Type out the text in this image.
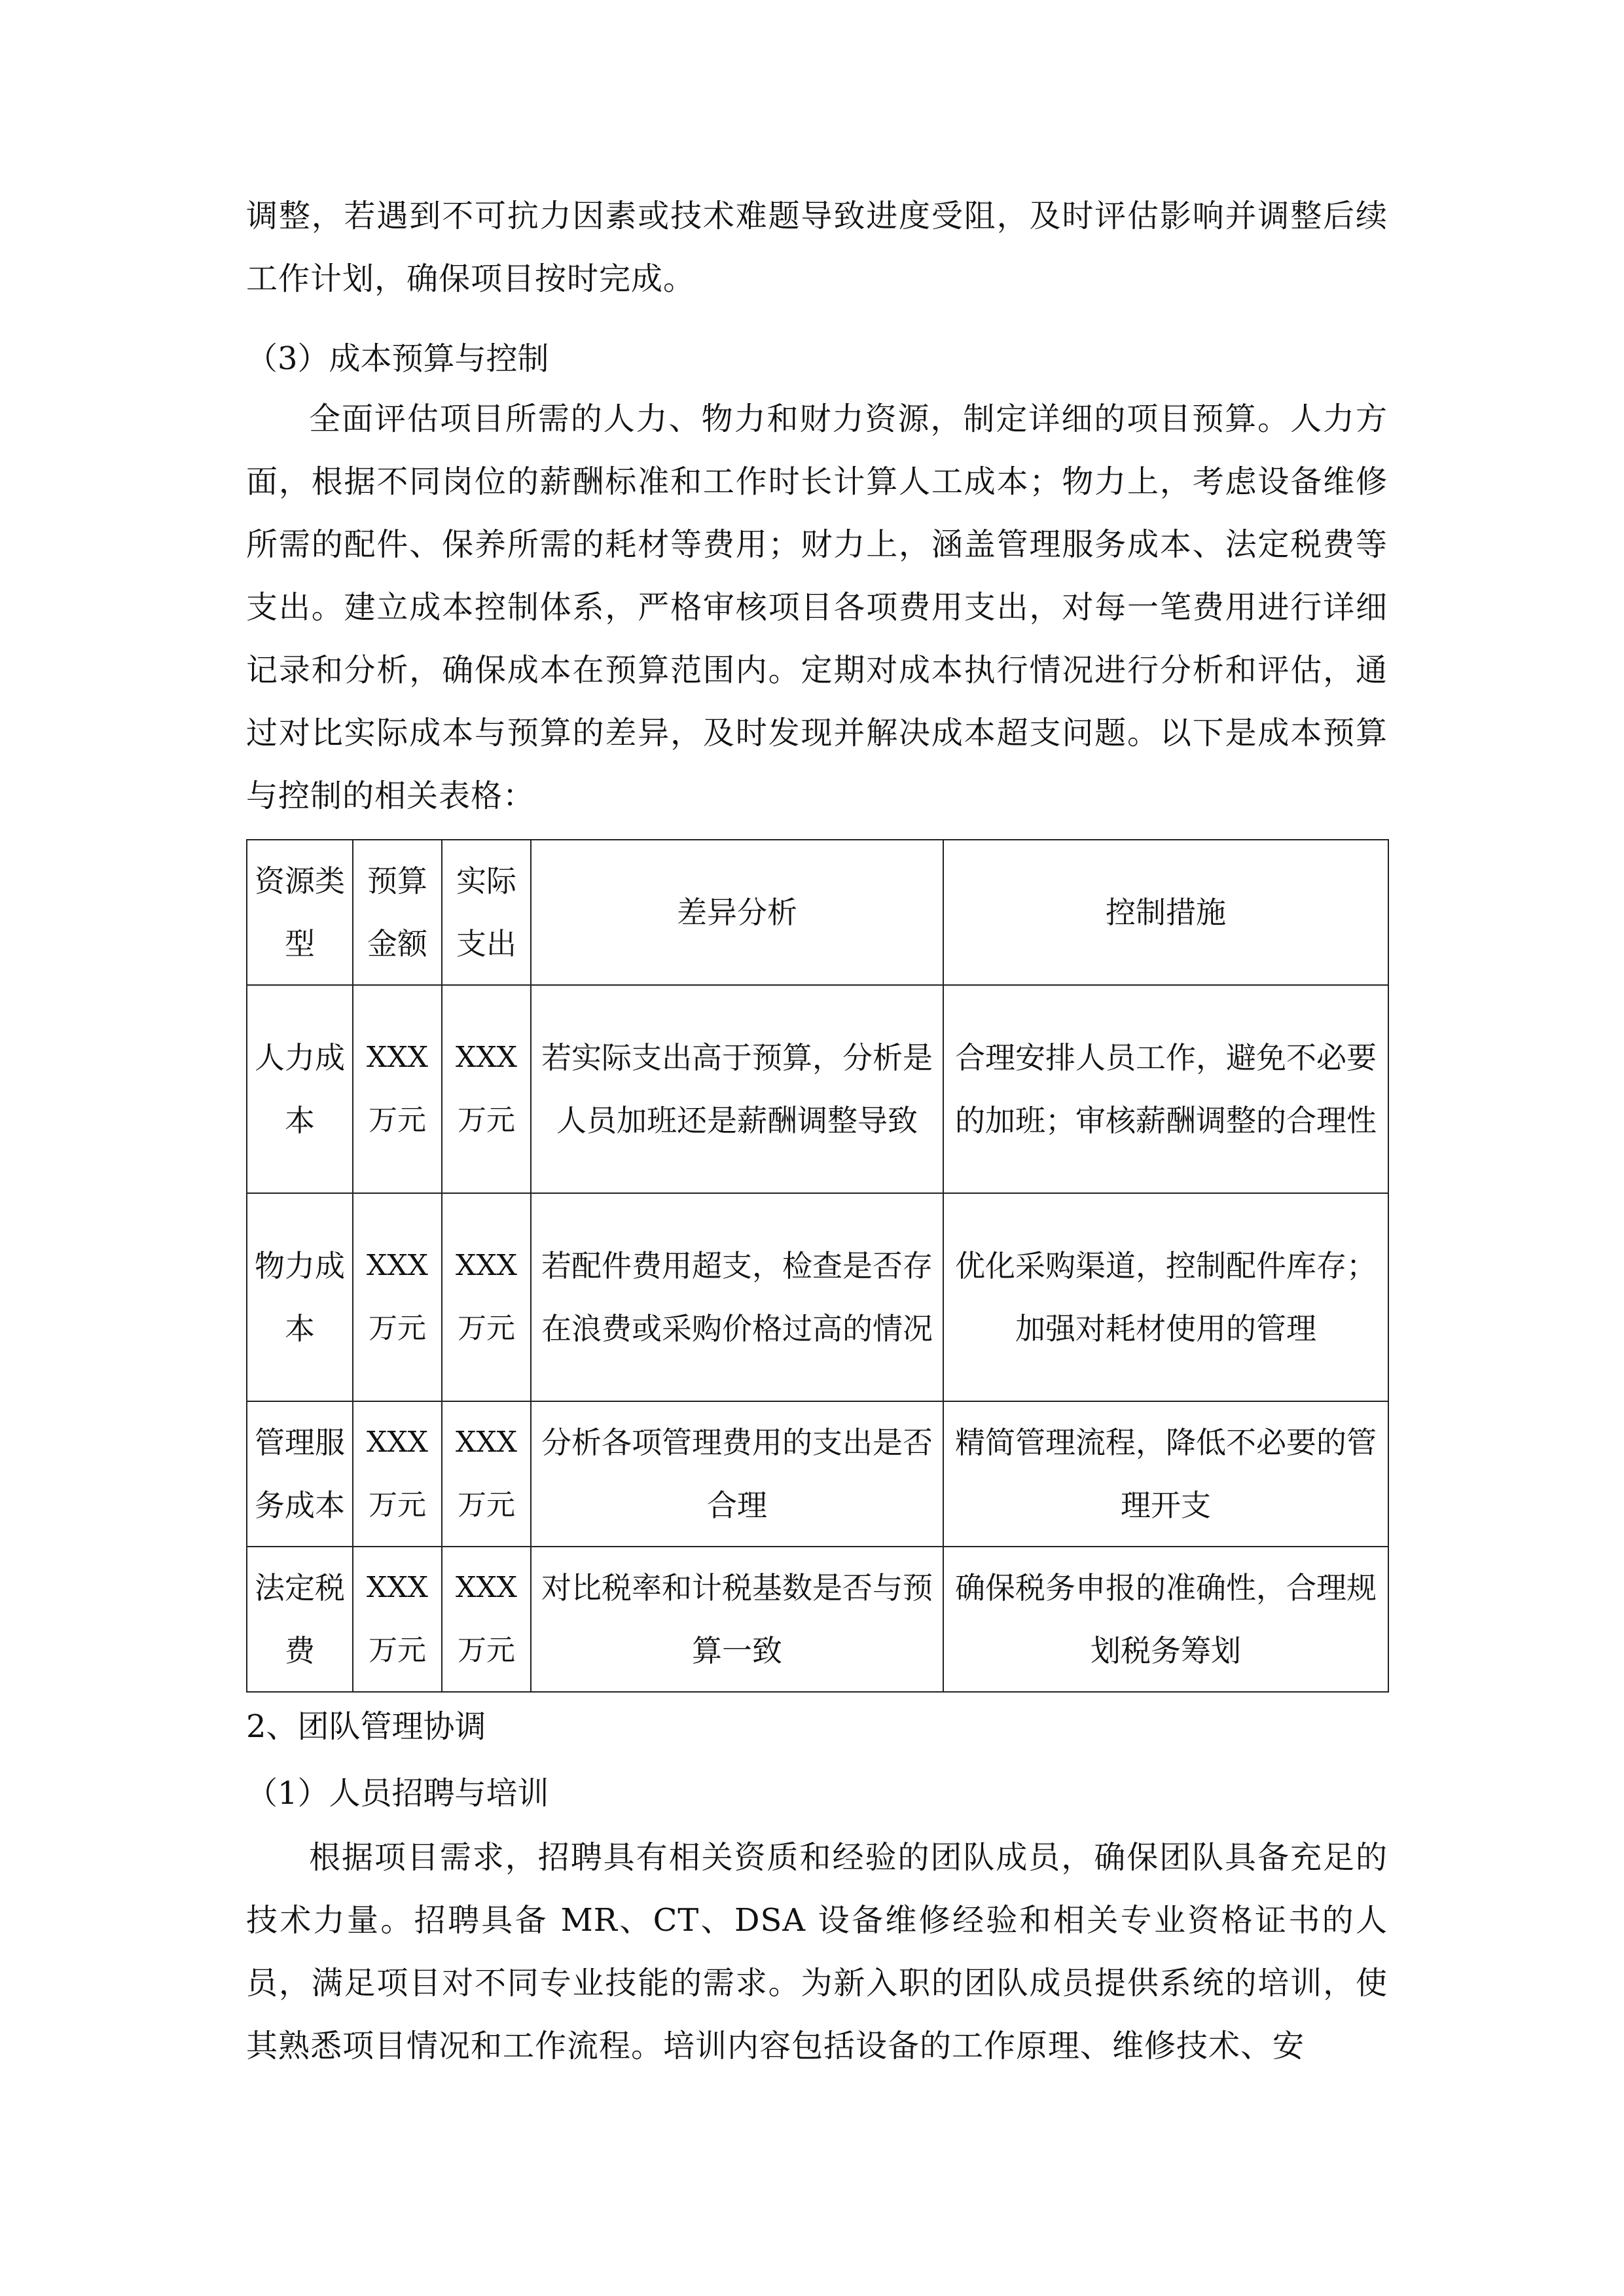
调整，若遇到不可抗力因素或技术难题导致进度受阻，及时评估影响并调整后续工作计划，确保项目按时完成。

（3）成本预算与控制

全面评估项目所需的人力、物力和财力资源，制定详细的项目预算。人力方面，根据不同岗位的薪酬标准和工作时长计算人工成本；物力上，考虑设备维修所需的配件、保养所需的耗材等费用；财力上，涵盖管理服务成本、法定税费等支出。建立成本控制体系，严格审核项目各项费用支出，对每一笔费用进行详细记录和分析，确保成本在预算范围内。定期对成本执行情况进行分析和评估，通过对比实际成本与预算的差异，及时发现并解决成本超支问题。以下是成本预算与控制的相关表格：

资源类型	预算金额	实际支出	差异分析	控制措施
人力成本	XXX万元	XXX万元	若实际支出高于预算，分析是人员加班还是薪酬调整导致	合理安排人员工作，避免不必要的加班；审核薪酬调整的合理性
物力成本	XXX万元	XXX万元	若配件费用超支，检查是否存在浪费或采购价格过高的情况	优化采购渠道，控制配件库存；加强对耗材使用的管理
管理服务成本	XXX万元	XXX万元	分析各项管理费用的支出是否合理	精简管理流程，降低不必要的管理开支
法定税费	XXX万元	XXX万元	对比税率和计税基数是否与预算一致	确保税务申报的准确性，合理规划税务筹划

2、团队管理协调

（1）人员招聘与培训

根据项目需求，招聘具有相关资质和经验的团队成员，确保团队具备充足的技术力量。招聘具备 MR、CT、DSA 设备维修经验和相关专业资格证书的人员，满足项目对不同专业技能的需求。为新入职的团队成员提供系统的培训，使其熟悉项目情况和工作流程。培训内容包括设备的工作原理、维修技术、安
